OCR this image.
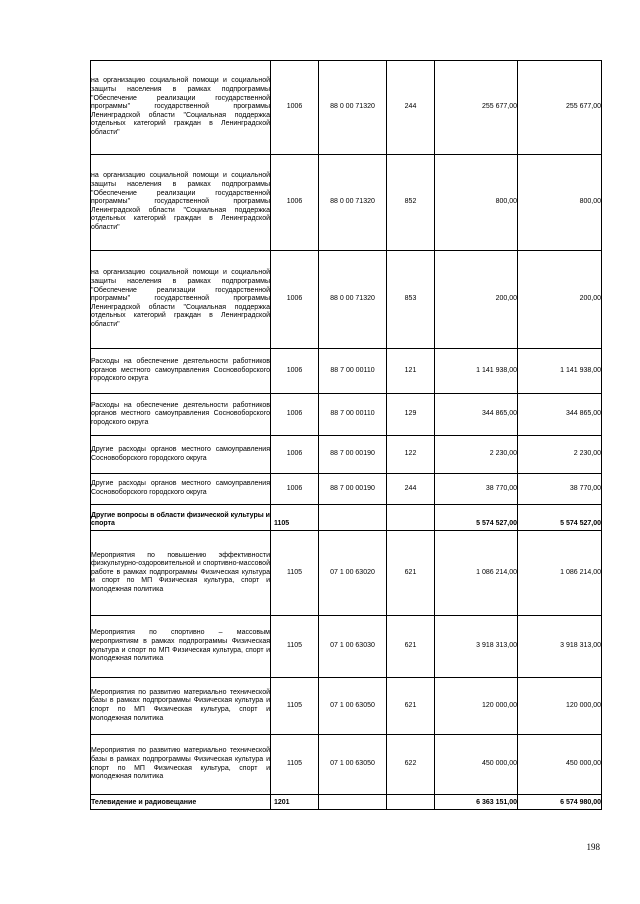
на организацию социальной помощи и социальной защиты населения в рамках подпрограммы "Обеспечение реализации государственной программы" государственной программы Ленинградской области "Социальная поддержка отдельных категорий граждан в Ленинградской области"	1006	88 0 00 71320	244	255 677,00	255 677,00
на организацию социальной помощи и социальной защиты населения в рамках подпрограммы "Обеспечение реализации государственной программы" государственной программы Ленинградской области "Социальная поддержка отдельных категорий граждан в Ленинградской области"	1006	88 0 00 71320	852	800,00	800,00
на организацию социальной помощи и социальной защиты населения в рамках подпрограммы "Обеспечение реализации государственной программы" государственной программы Ленинградской области "Социальная поддержка отдельных категорий граждан в Ленинградской области"	1006	88 0 00 71320	853	200,00	200,00
Расходы на обеспечение деятельности работников органов местного самоуправления Сосновоборского городского округа	1006	88 7 00 00110	121	1 141 938,00	1 141 938,00
Расходы на обеспечение деятельности работников органов местного самоуправления Сосновоборского городского округа	1006	88 7 00 00110	129	344 865,00	344 865,00
Другие расходы органов местного самоуправления Сосновоборского городского округа	1006	88 7 00 00190	122	2 230,00	2 230,00
Другие расходы органов местного самоуправления Сосновоборского городского округа	1006	88 7 00 00190	244	38 770,00	38 770,00
Другие вопросы в области физической культуры и спорта	1105			5 574 527,00	5 574 527,00
Мероприятия по повышению эффективности физкультурно-оздоровительной и спортивно-массовой работе в рамках подпрограммы Физическая культура и спорт по МП Физическая культура, спорт и молодежная политика	1105	07 1 00 63020	621	1 086 214,00	1 086 214,00
Мероприятия по спортивно – массовым мероприятиям в рамках подпрограммы Физическая культура и спорт по МП Физическая культура, спорт и молодежная политика	1105	07 1 00 63030	621	3 918 313,00	3 918 313,00
Мероприятия по развитию материально технической базы в рамках подпрограммы Физическая культура и спорт по МП Физическая культура, спорт и молодежная политика	1105	07 1 00 63050	621	120 000,00	120 000,00
Мероприятия по развитию материально технической базы в рамках подпрограммы Физическая культура и спорт по МП Физическая культура, спорт и молодежная политика	1105	07 1 00 63050	622	450 000,00	450 000,00
Телевидение и радиовещание	1201			6 363 151,00	6 574 980,00
198
